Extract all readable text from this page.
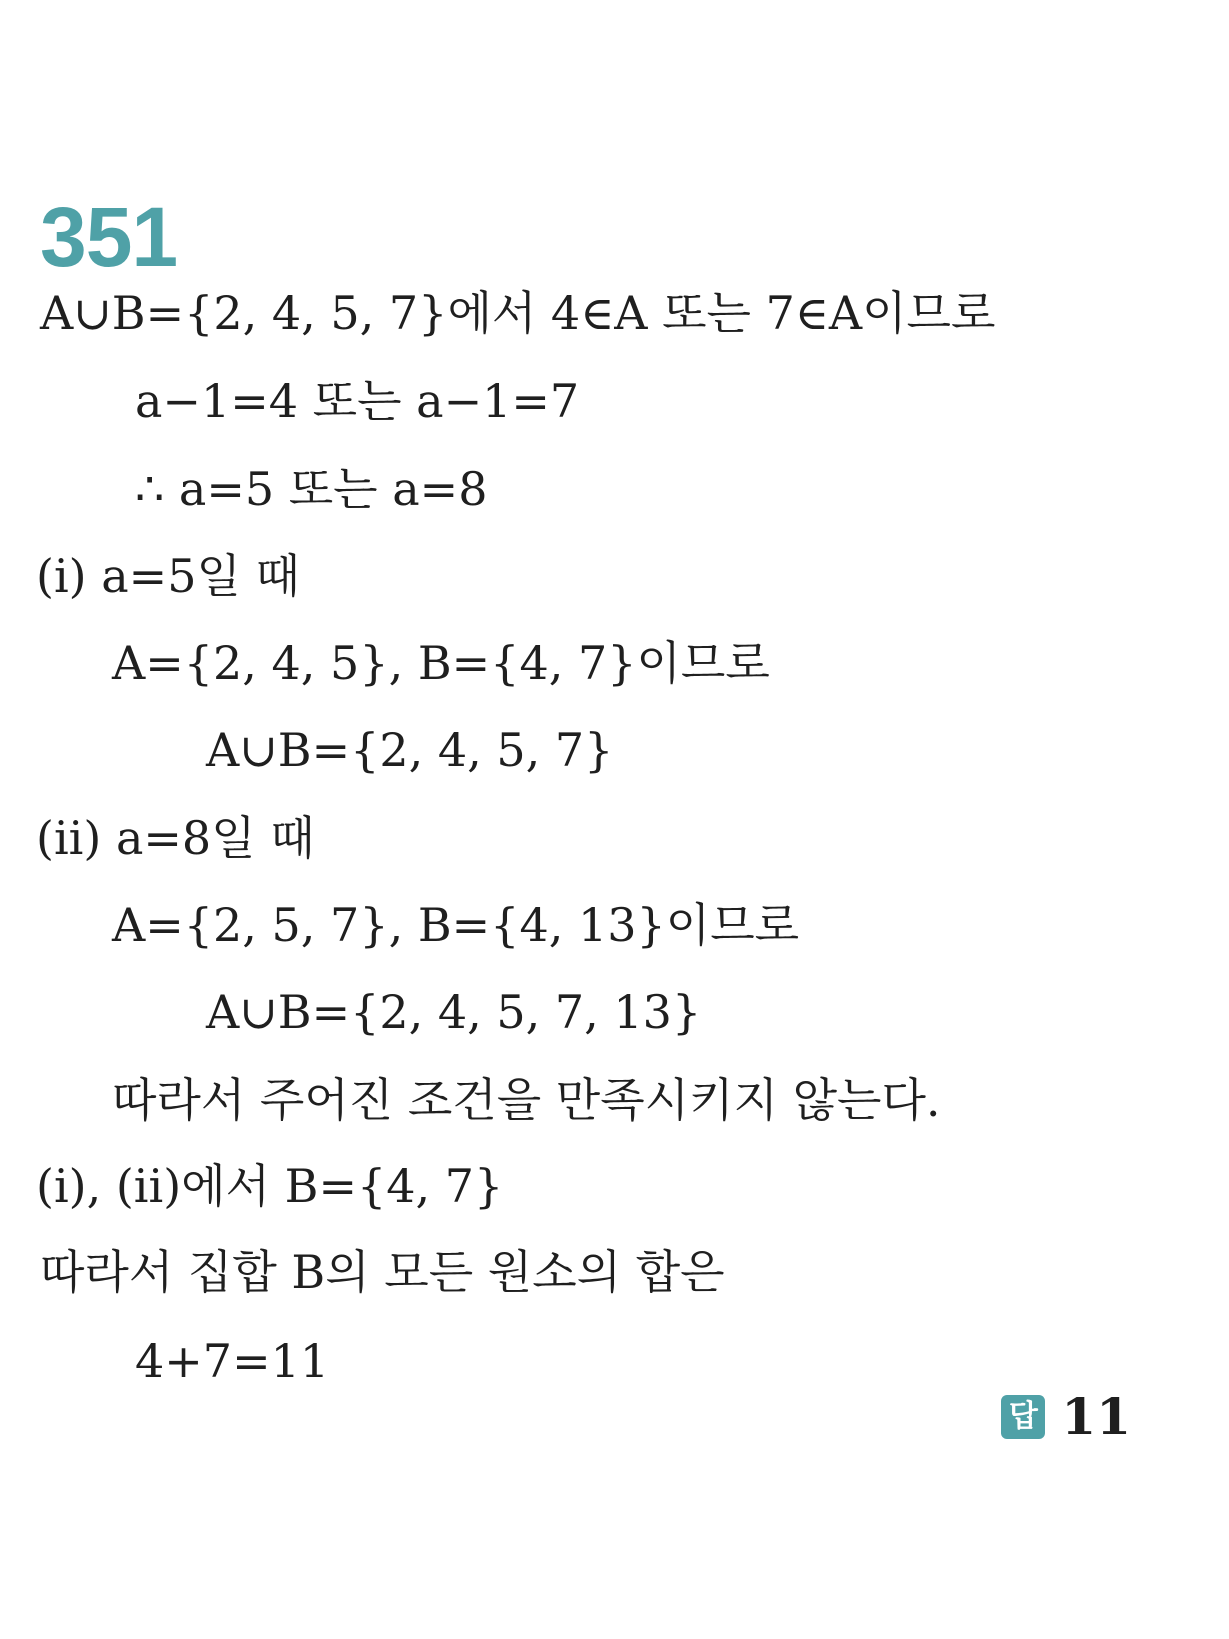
351
A∪B={2, 4, 5, 7}에서 4∈A 또는 7∈A이므로
a−1=4 또는 a−1=7
∴ a=5 또는 a=8
(i) a=5일 때
A={2, 4, 5}, B={4, 7}이므로
A∪B={2, 4, 5, 7}
(ii) a=8일 때
A={2, 5, 7}, B={4, 13}이므로
A∪B={2, 4, 5, 7, 13}
따라서 주어진 조건을 만족시키지 않는다.
(i), (ii)에서 B={4, 7}
따라서 집합 B의 모든 원소의 합은
4+7=11
답 11
